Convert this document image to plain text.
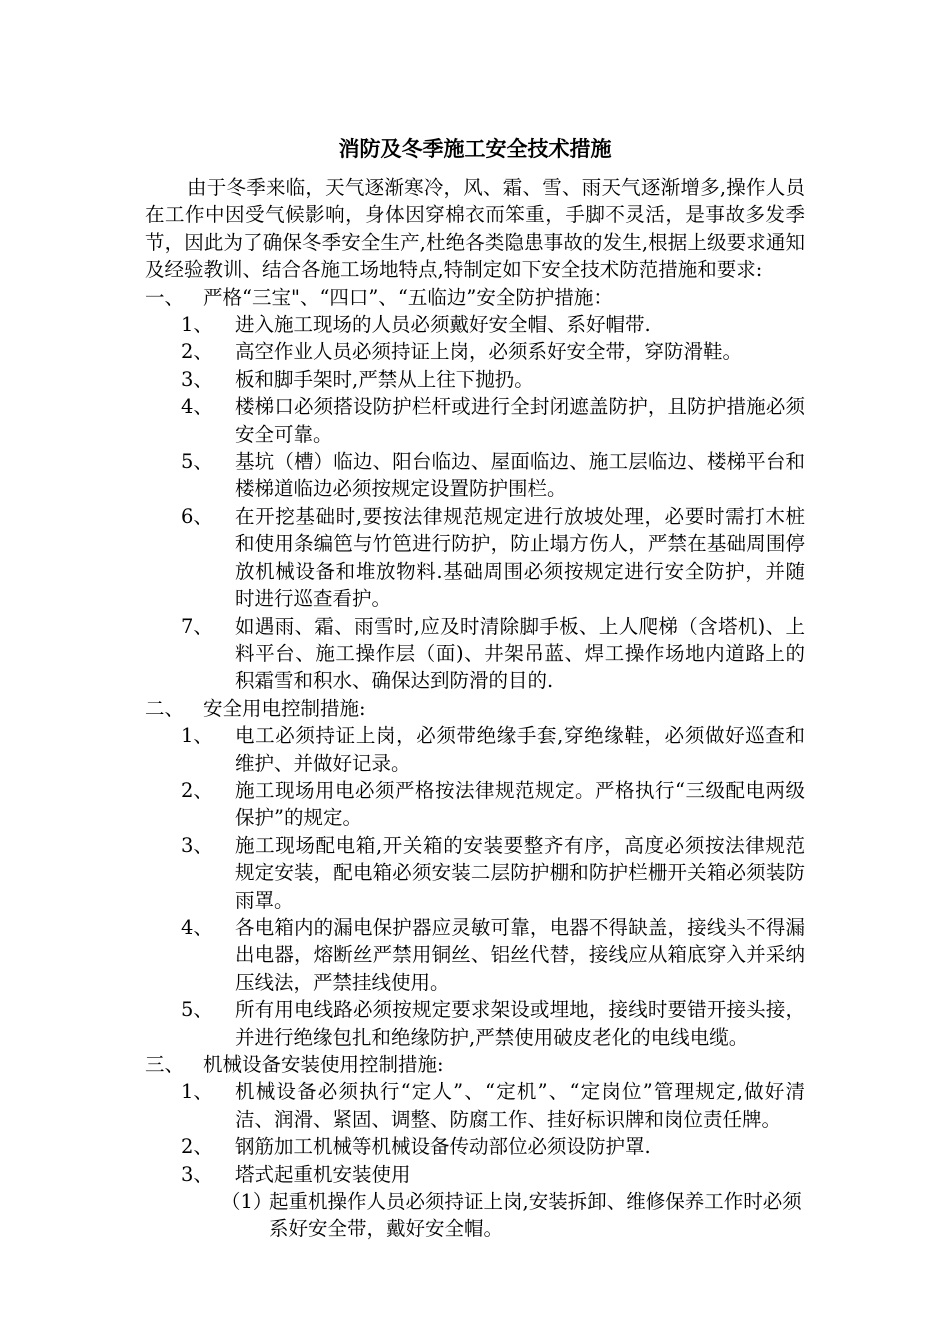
消防及冬季施工安全技术措施

由于冬季来临，天气逐渐寒冷，风、霜、雪、雨天气逐渐增多,操作人员在工作中因受气候影响，身体因穿棉衣而笨重，手脚不灵活，是事故多发季节，因此为了确保冬季安全生产,杜绝各类隐患事故的发生,根据上级要求通知及经验教训、结合各施工场地特点,特制定如下安全技术防范措施和要求:

一、 严格“三宝"、“四口”、“五临边”安全防护措施：
1、	进入施工现场的人员必须戴好安全帽、系好帽带.
2、	高空作业人员必须持证上岗，必须系好安全带，穿防滑鞋。
3、	板和脚手架时,严禁从上往下抛扔。
4、	楼梯口必须搭设防护栏杆或进行全封闭遮盖防护，且防护措施必须安全可靠。
5、	基坑（槽）临边、阳台临边、屋面临边、施工层临边、楼梯平台和楼梯道临边必须按规定设置防护围栏。
6、	在开挖基础时,要按法律规范规定进行放坡处理，必要时需打木桩和使用条编笆与竹笆进行防护，防止塌方伤人，严禁在基础周围停放机械设备和堆放物料.基础周围必须按规定进行安全防护，并随时进行巡查看护。
7、	如遇雨、霜、雨雪时,应及时清除脚手板、上人爬梯（含塔机)、上料平台、施工操作层（面)、井架吊蓝、焊工操作场地内道路上的积霜雪和积水、确保达到防滑的目的.
二、 安全用电控制措施:
1、	电工必须持证上岗，必须带绝缘手套,穿绝缘鞋，必须做好巡查和维护、并做好记录。
2、	施工现场用电必须严格按法律规范规定。严格执行“三级配电两级保护”的规定。
3、	施工现场配电箱,开关箱的安装要整齐有序，高度必须按法律规范规定安装，配电箱必须安装二层防护棚和防护栏栅开关箱必须装防雨罩。
4、	各电箱内的漏电保护器应灵敏可靠，电器不得缺盖，接线头不得漏出电器，熔断丝严禁用铜丝、铝丝代替，接线应从箱底穿入并采纳压线法，严禁挂线使用。
5、	所有用电线路必须按规定要求架设或埋地，接线时要错开接头接，并进行绝缘包扎和绝缘防护,严禁使用破皮老化的电线电缆。
三、 机械设备安装使用控制措施:
1、	机械设备必须执行“定人”、“定机”、“定岗位”管理规定,做好清洁、润滑、紧固、调整、防腐工作、挂好标识牌和岗位责任牌。
2、	钢筋加工机械等机械设备传动部位必须设防护罩.
3、	塔式起重机安装使用
（1）
起重机操作人员必须持证上岗,安装拆卸、维修保养工作时必须系好安全带，戴好安全帽。
